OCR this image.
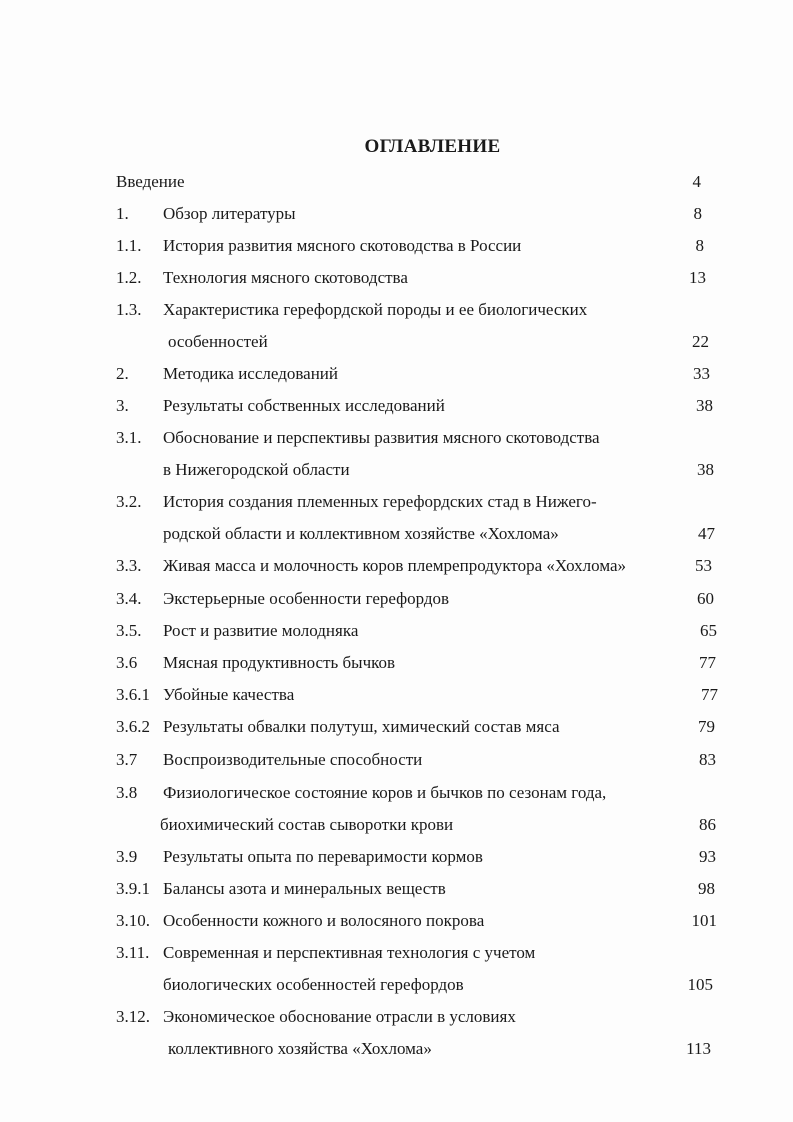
ОГЛАВЛЕНИЕ
Введение	4
1. Обзор литературы	8
1.1. История развития мясного скотоводства в России	8
1.2. Технология мясного скотоводства	13
1.3. Характеристика герефордской породы и ее биологических
особенностей	22
2. Методика исследований	33
3. Результаты собственных исследований	38
3.1. Обоснование и перспективы развития мясного скотоводства
в Нижегородской области	38
3.2. История создания племенных герефордских стад в Нижего-
родской области и коллективном хозяйстве «Хохлома»	47
3.3. Живая масса и молочность коров племрепродуктора «Хохлома»	53
3.4. Экстерьерные особенности герефордов	60
3.5. Рост и развитие молодняка	65
3.6 Мясная продуктивность бычков	77
3.6.1 Убойные качества	77
3.6.2 Результаты обвалки полутуш, химический состав мяса	79
3.7 Воспроизводительные способности	83
3.8 Физиологическое состояние коров и бычков по сезонам года,
биохимический состав сыворотки крови	86
3.9 Результаты опыта по переваримости кормов	93
3.9.1 Балансы азота и минеральных веществ	98
3.10. Особенности кожного и волосяного покрова	101
3.11. Современная и перспективная технология с учетом
биологических особенностей герефордов	105
3.12. Экономическое обоснование отрасли в условиях
коллективного хозяйства «Хохлома»	113
